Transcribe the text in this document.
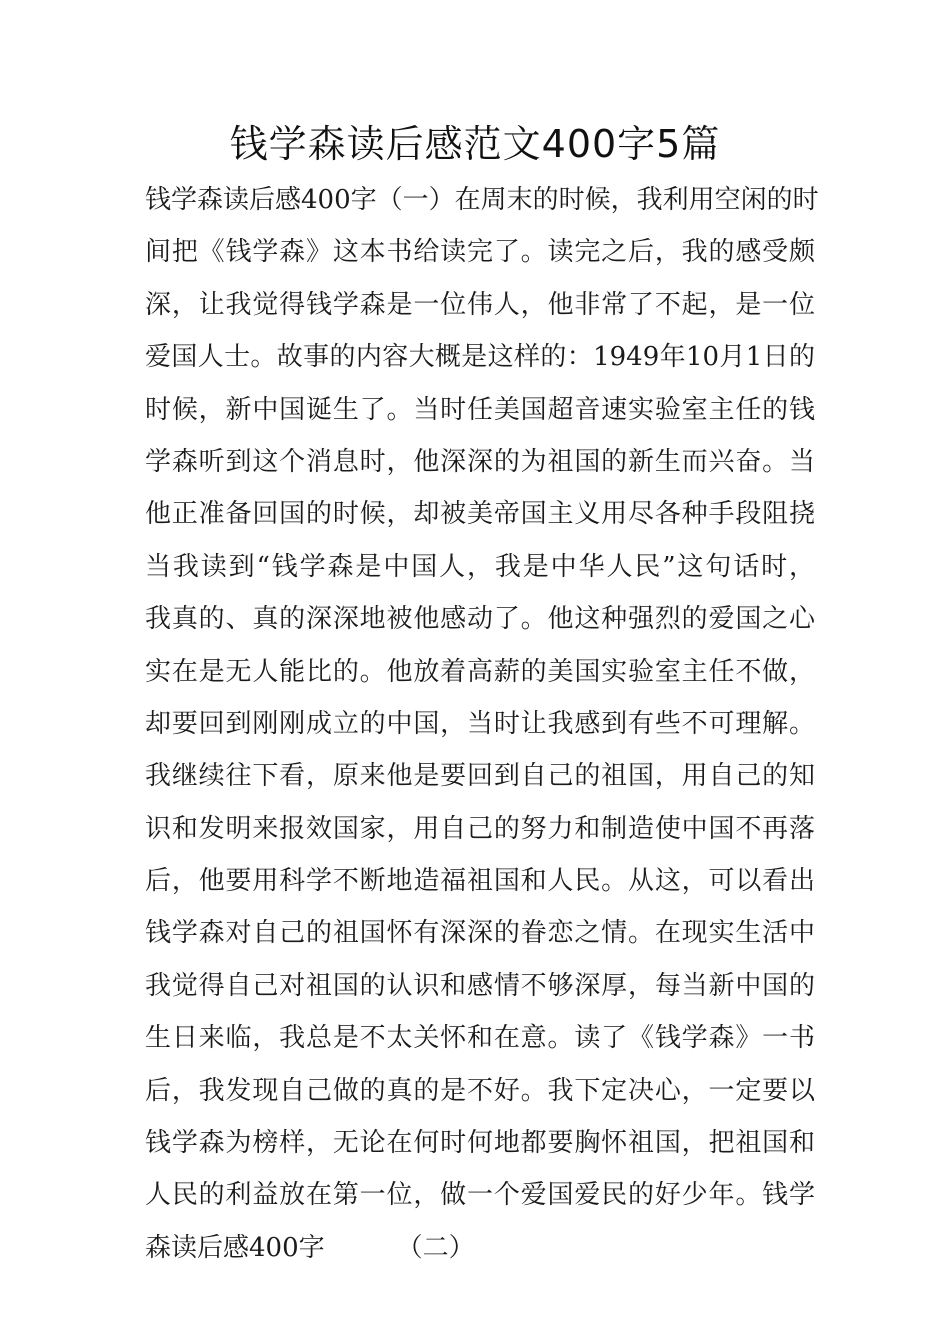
钱学森读后感范文400字5篇
钱学森读后感400字（一）在周末的时候，我利用空闲的时
间把《钱学森》这本书给读完了。读完之后，我的感受颇
深，让我觉得钱学森是一位伟人，他非常了不起，是一位
爱国人士。故事的内容大概是这样的：1949年10月1日的
时候，新中国诞生了。当时任美国超音速实验室主任的钱
学森听到这个消息时，他深深的为祖国的新生而兴奋。当
他正准备回国的时候，却被美帝国主义用尽各种手段阻挠
当我读到“钱学森是中国人，我是中华人民”这句话时，
我真的、真的深深地被他感动了。他这种强烈的爱国之心
实在是无人能比的。他放着高薪的美国实验室主任不做，
却要回到刚刚成立的中国，当时让我感到有些不可理解。
我继续往下看，原来他是要回到自己的祖国，用自己的知
识和发明来报效国家，用自己的努力和制造使中国不再落
后，他要用科学不断地造福祖国和人民。从这，可以看出
钱学森对自己的祖国怀有深深的眷恋之情。在现实生活中
我觉得自己对祖国的认识和感情不够深厚，每当新中国的
生日来临，我总是不太关怀和在意。读了《钱学森》一书
后，我发现自己做的真的是不好。我下定决心，一定要以
钱学森为榜样，无论在何时何地都要胸怀祖国，把祖国和
人民的利益放在第一位，做一个爱国爱民的好少年。钱学
森读后感400字	（二）
